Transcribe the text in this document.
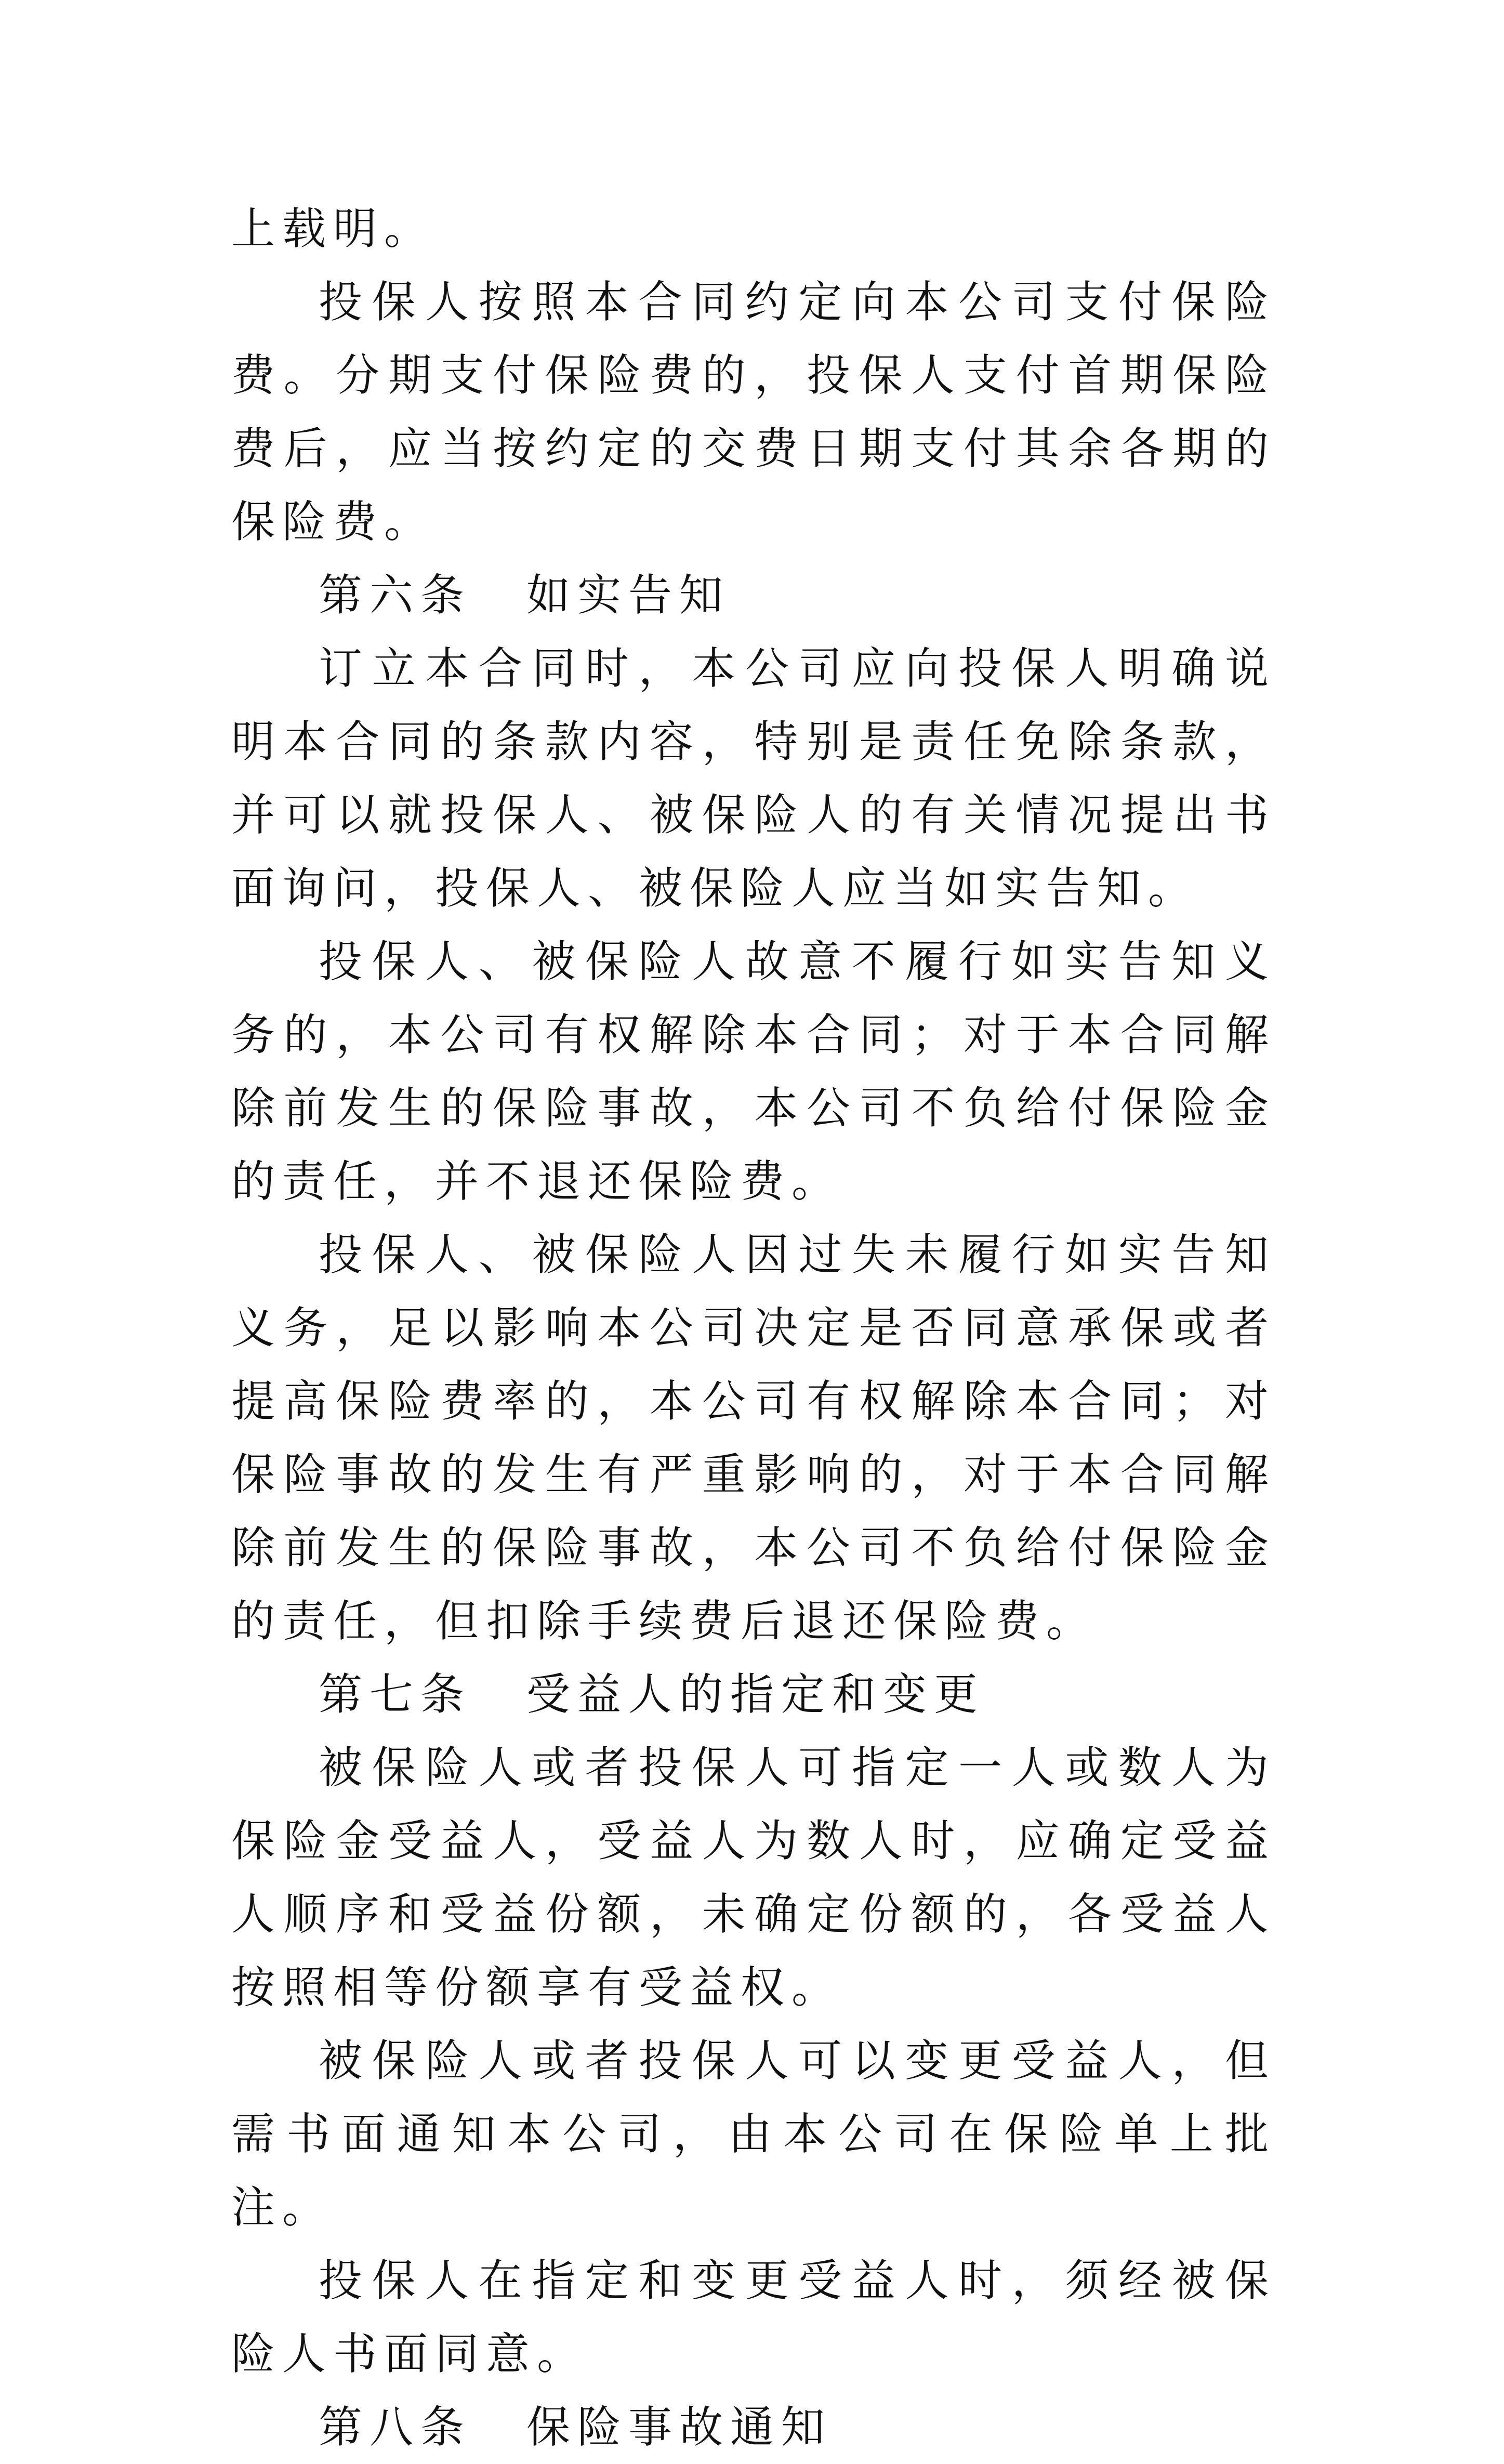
上载明。

投保人按照本合同约定向本公司支付保险费。分期支付保险费的，投保人支付首期保险费后，应当按约定的交费日期支付其余各期的保险费。

第六条 如实告知

订立本合同时，本公司应向投保人明确说明本合同的条款内容，特别是责任免除条款，并可以就投保人、被保险人的有关情况提出书面询问，投保人、被保险人应当如实告知。

投保人、被保险人故意不履行如实告知义务的，本公司有权解除本合同；对于本合同解除前发生的保险事故，本公司不负给付保险金的责任，并不退还保险费。

投保人、被保险人因过失未履行如实告知义务，足以影响本公司决定是否同意承保或者提高保险费率的，本公司有权解除本合同；对保险事故的发生有严重影响的，对于本合同解除前发生的保险事故，本公司不负给付保险金的责任，但扣除手续费后退还保险费。

第七条 受益人的指定和变更

被保险人或者投保人可指定一人或数人为保险金受益人，受益人为数人时，应确定受益人顺序和受益份额，未确定份额的，各受益人按照相等份额享有受益权。

被保险人或者投保人可以变更受益人，但需书面通知本公司，由本公司在保险单上批注。

投保人在指定和变更受益人时，须经被保险人书面同意。

第八条 保险事故通知
